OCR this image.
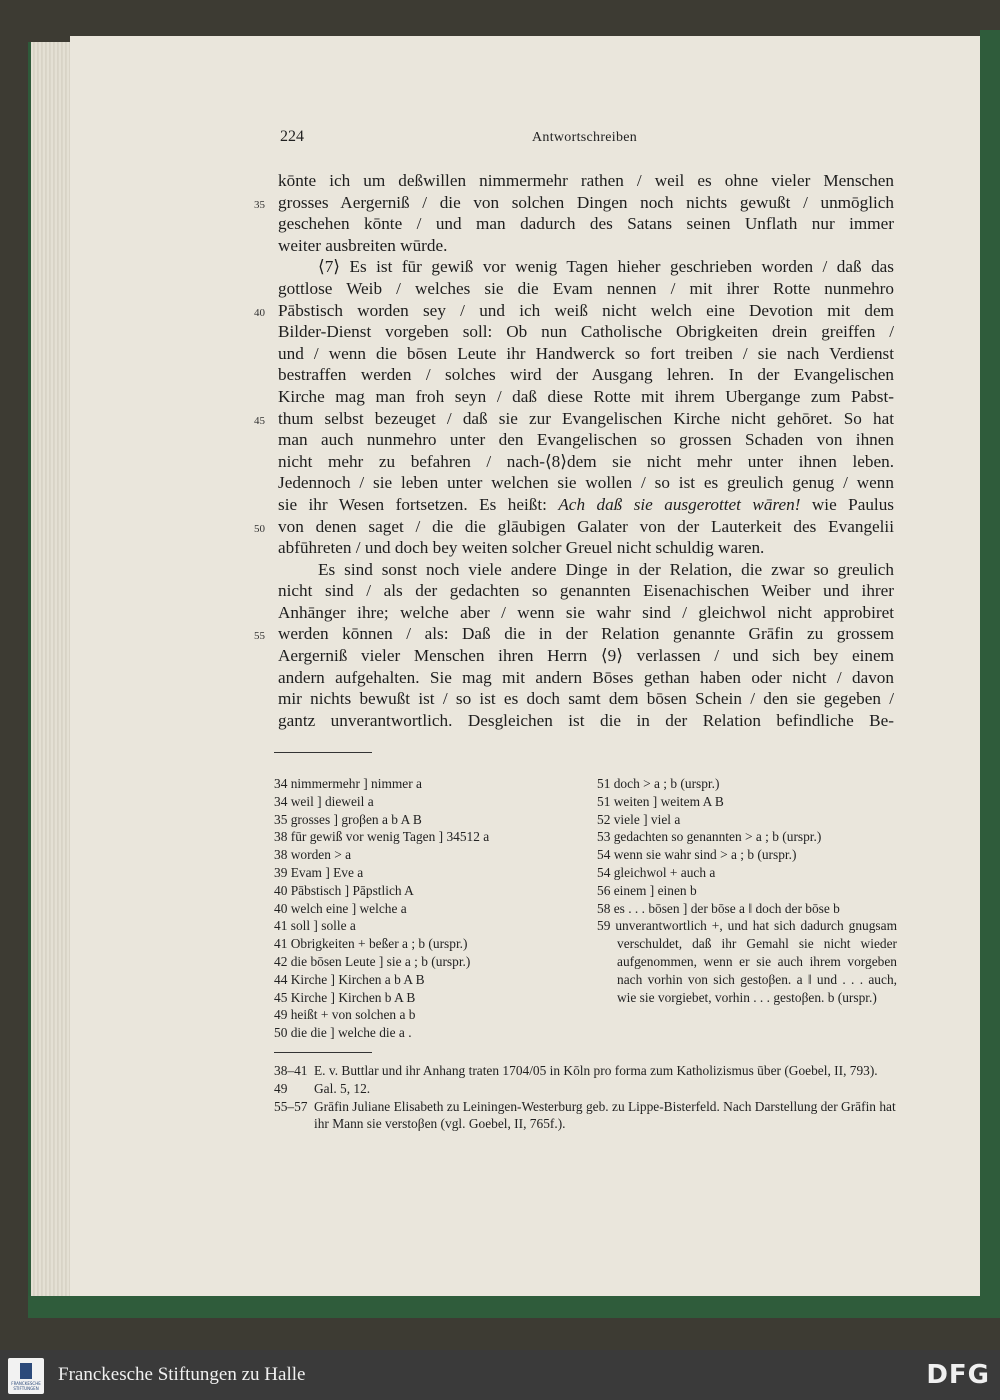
224	Antwortschreiben
kōnte ich um deßwillen nimmermehr rathen / weil es ohne vieler Menschen
35 grosses Aergerniß / die von solchen Dingen noch nichts gewußt / unmōglich
geschehen kōnte / und man dadurch des Satans seinen Unflath nur immer
weiter ausbreiten wūrde.
⟨7⟩ Es ist fūr gewiß vor wenig Tagen hieher geschrieben worden / daß das
gottlose Weib / welches sie die Evam nennen / mit ihrer Rotte nunmehro
40 Pābstisch worden sey / und ich weiß nicht welch eine Devotion mit dem
Bilder-Dienst vorgeben soll: Ob nun Catholische Obrigkeiten drein greiffen /
und / wenn die bōsen Leute ihr Handwerck so fort treiben / sie nach Verdienst
bestraffen werden / solches wird der Ausgang lehren. In der Evangelischen
Kirche mag man froh seyn / daß diese Rotte mit ihrem Ubergange zum Pabst-
45 thum selbst bezeuget / daß sie zur Evangelischen Kirche nicht gehōret. So hat
man auch nunmehro unter den Evangelischen so grossen Schaden von ihnen
nicht mehr zu befahren / nach-⟨8⟩dem sie nicht mehr unter ihnen leben.
Jedennoch / sie leben unter welchen sie wollen / so ist es greulich genug / wenn
sie ihr Wesen fortsetzen. Es heißt: Ach daß sie ausgerottet wāren! wie Paulus
50 von denen saget / die die glāubigen Galater von der Lauterkeit des Evangelii
abfūhreten / und doch bey weiten solcher Greuel nicht schuldig waren.
Es sind sonst noch viele andere Dinge in der Relation, die zwar so greulich
nicht sind / als der gedachten so genannten Eisenachischen Weiber und ihrer
Anhānger ihre; welche aber / wenn sie wahr sind / gleichwol nicht approbiret
55 werden kōnnen / als: Daß die in der Relation genannte Grāfin zu grossem
Aergerniß vieler Menschen ihren Herrn ⟨9⟩ verlassen / und sich bey einem
andern aufgehalten. Sie mag mit andern Bōses gethan haben oder nicht / davon
mir nichts bewußt ist / so ist es doch samt dem bōsen Schein / den sie gegeben /
gantz unverantwortlich. Desgleichen ist die in der Relation befindliche Be-
34 nimmermehr ] nimmer a
34 weil ] dieweil a
35 grosses ] groβen a b A B
38 fūr gewiß vor wenig Tagen ] 34512 a
38 worden > a
39 Evam ] Eve a
40 Pābstisch ] Pāpstlich A
40 welch eine ] welche a
41 soll ] solle a
41 Obrigkeiten + beßer a ; b (urspr.)
42 die bōsen Leute ] sie a ; b (urspr.)
44 Kirche ] Kirchen a b A B
45 Kirche ] Kirchen b A B
49 heißt + von solchen a b
50 die die ] welche die a .
51 doch > a ; b (urspr.)
51 weiten ] weitem A B
52 viele ] viel a
53 gedachten so genannten > a ; b (urspr.)
54 wenn sie wahr sind > a ; b (urspr.)
54 gleichwol + auch a
56 einem ] einen b
58 es . . . bōsen ] der bōse a ‖ doch der bōse b
59 unverantwortlich +, und hat sich dadurch gnugsam verschuldet, daß ihr Gemahl sie nicht wieder aufgenommen, wenn er sie auch ihrem vorgeben nach vorhin von sich gestoβen. a ‖ und . . . auch, wie sie vorgiebet, vorhin . . . gestoβen. b (urspr.)
38–41 E. v. Buttlar und ihr Anhang traten 1704/05 in Kōln pro forma zum Katholizismus ūber (Goebel, II, 793).
49	Gal. 5, 12.
55–57 Grāfin Juliane Elisabeth zu Leiningen-Westerburg geb. zu Lippe-Bisterfeld. Nach Darstellung der Grāfin hat ihr Mann sie verstoβen (vgl. Goebel, II, 765f.).
FRANCKESCHE STIFTUNGEN
Franckesche Stiftungen zu Halle	DFG
